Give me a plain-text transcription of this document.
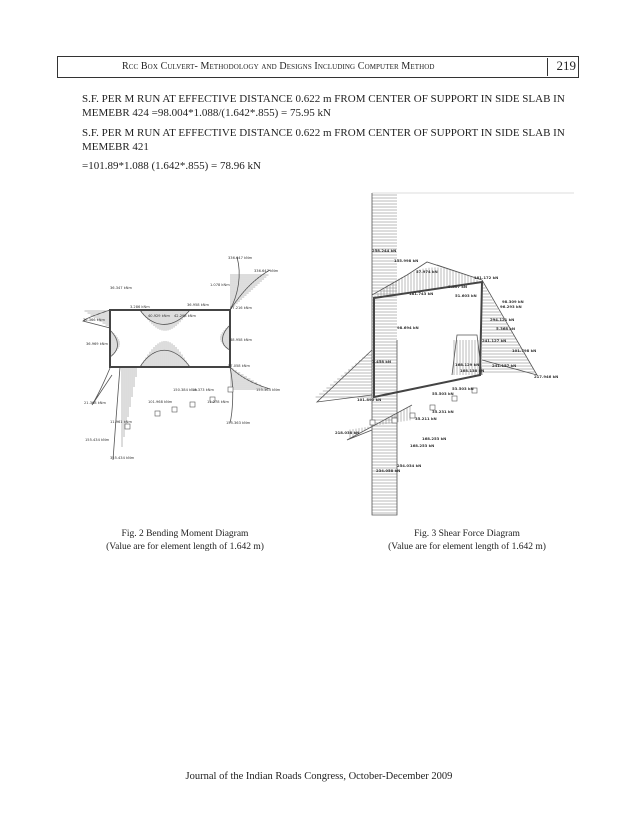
Rcc Box Culvert- Methodology and Designs Including Computer Method	219
S.F. PER M RUN AT EFFECTIVE DISTANCE 0.622 m FROM CENTER OF SUPPORT IN SIDE SLAB IN
MEMEBR 424 =98.004*1.088/(1.642*.855) = 75.95 kN
S.F. PER M RUN AT EFFECTIVE DISTANCE 0.622 m FROM CENTER OF SUPPORT IN SIDE SLAB IN
MEMEBR 421
=101.89*1.088 (1.642*.855) = 78.96 kN
336.647 kNm
336.647 kNm
1.078 kNm
36.347 kNm
36.958 kNm
3.286 kNm
40.929 kNm 42.298 kNm
57.216 kNm
36.366 kNm
36.969 kNm
68.958 kNm
57.058 kNm
150.384 kNm
13.373 kNm	155.363 kNm
11.278 kNm
21.368 kNm	101.968 kNm
11.961 kNm	155.363 kNm
155.434 kNm
355.434 kNm
258.244 kN
155.998 kN
57.974 kN
181.172 kN
181.743 kN
2.807 kN
51.603 kN
98.309 kN
96.293 kN
294.121 kN
98.694 kN	5.368 kN
241.127 kN
241.157 kN
101.798 kN
1.458 kN
168.129 kN
168.138 kN
217.946 kN
101.890 kN
53.503 kN
55.503 kN
35.231 kN
35.211 kN
218.038 kN
168.253 kN
168.253 kN
254.034 kN
234.058 kN
Fig. 2 Bending Moment Diagram
(Value are for element length of 1.642 m)
Fig. 3 Shear Force Diagram
(Value are for element length of 1.642 m)
Journal of the Indian Roads Congress, October-December 2009
